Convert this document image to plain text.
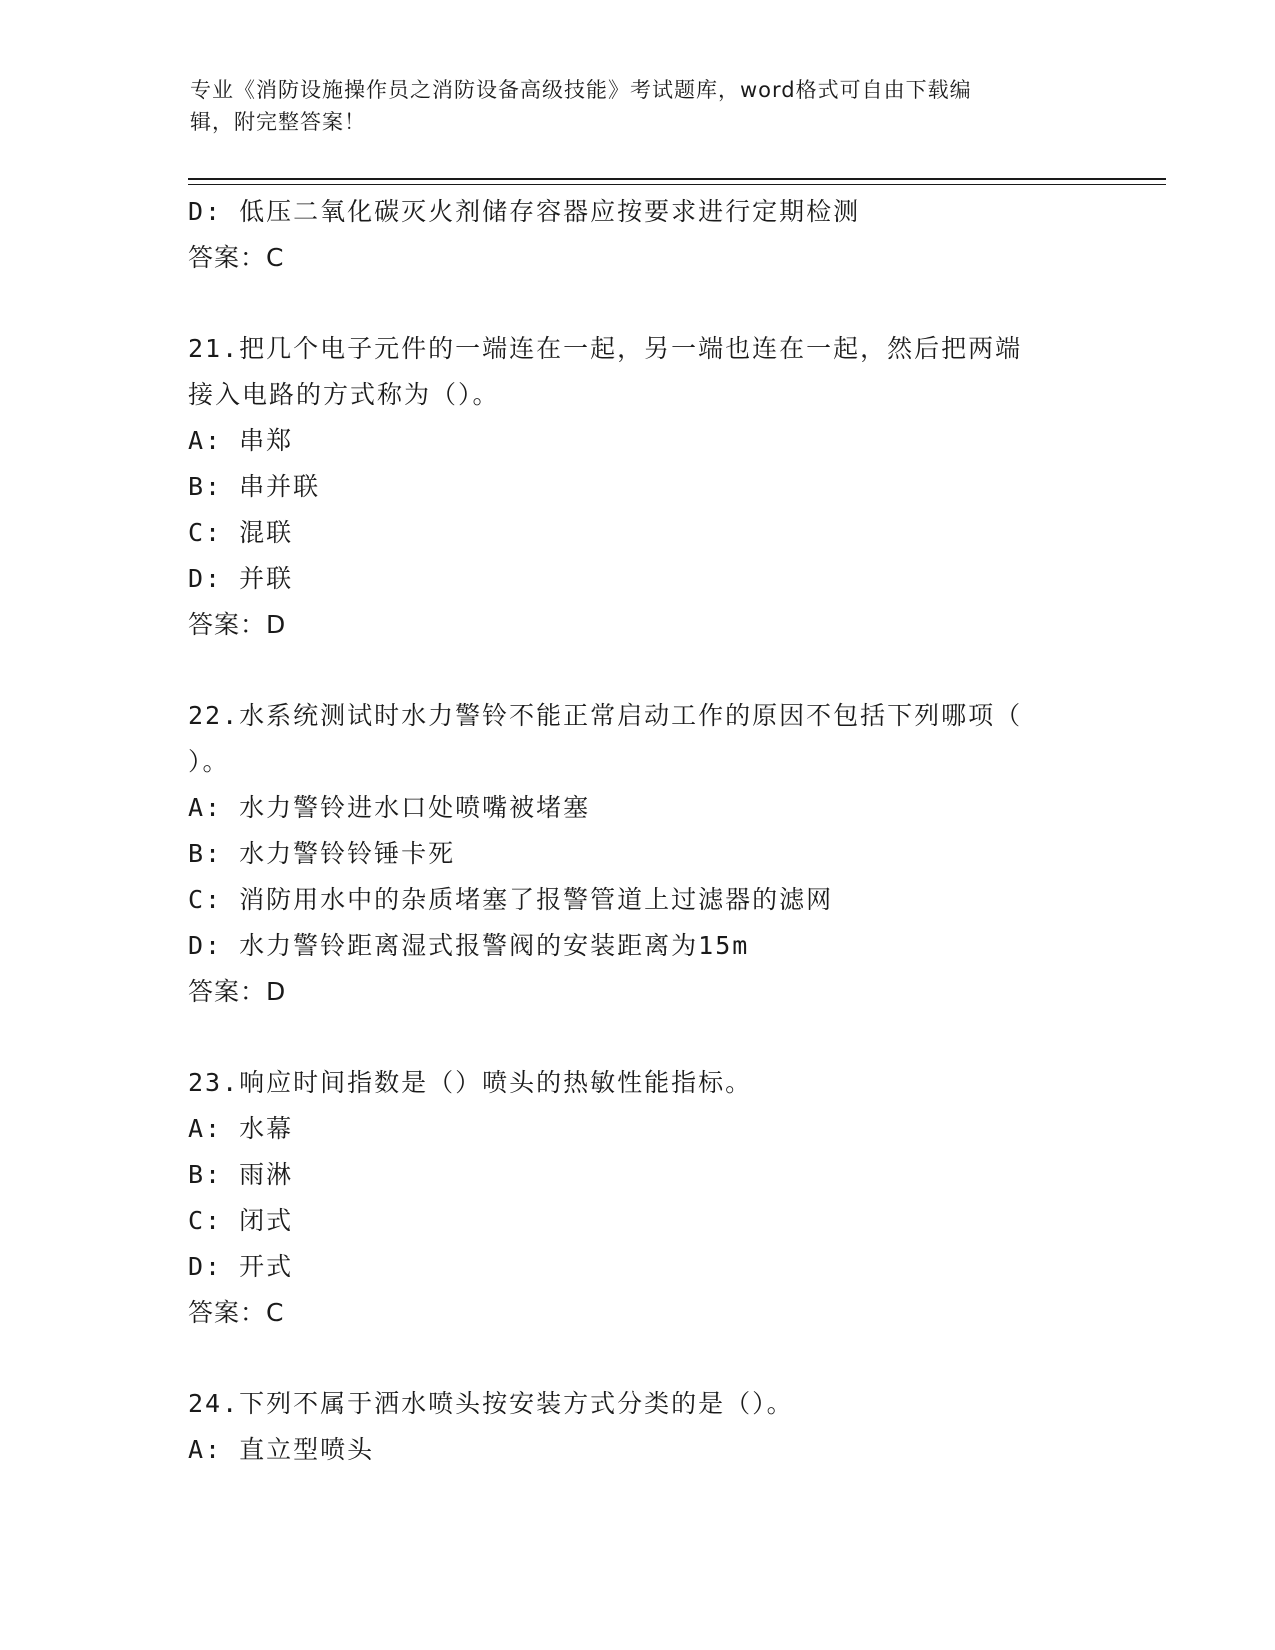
专业《消防设施操作员之消防设备高级技能》考试题库，word格式可自由下载编
辑，附完整答案！
D: 低压二氧化碳灭火剂储存容器应按要求进行定期检测
答案：C
21.把几个电子元件的一端连在一起，另一端也连在一起，然后把两端
接入电路的方式称为（）。
A: 串郑
B: 串并联
C: 混联
D: 并联
答案：D
22.水系统测试时水力警铃不能正常启动工作的原因不包括下列哪项（
）。
A: 水力警铃进水口处喷嘴被堵塞
B: 水力警铃铃锤卡死
C: 消防用水中的杂质堵塞了报警管道上过滤器的滤网
D: 水力警铃距离湿式报警阀的安装距离为15m
答案：D
23.响应时间指数是（）喷头的热敏性能指标。
A: 水幕
B: 雨淋
C: 闭式
D: 开式
答案：C
24.下列不属于洒水喷头按安装方式分类的是（）。
A: 直立型喷头
